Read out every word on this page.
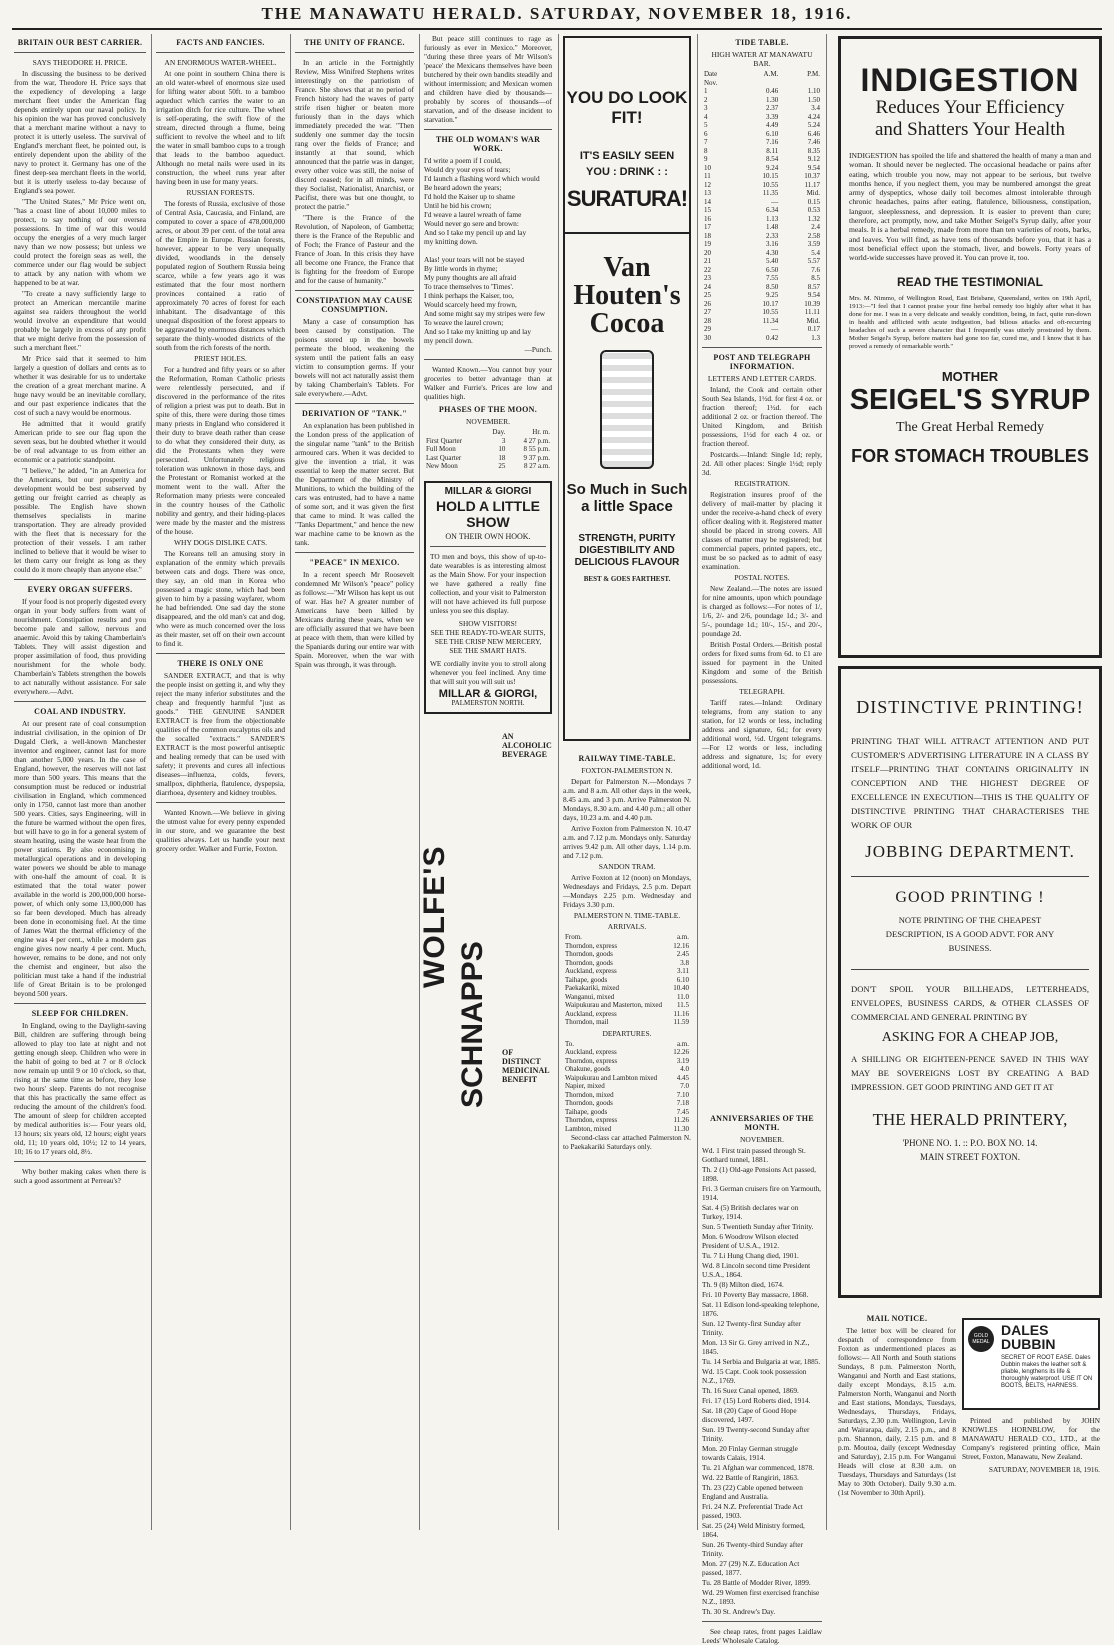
THE MANAWATU HERALD. SATURDAY, NOVEMBER 18, 1916.
BRITAIN OUR BEST CARRIER.
SAYS THEODORE H. PRICE.

In discussing the business to be derived from the war, Theodore H. Price says that the expediency of developing a large merchant fleet under the American flag depends entirely upon our naval policy. In his opinion the war has proved conclusively that a merchant marine without a navy to protect it is utterly useless. The survival of England's merchant fleet, he pointed out, is entirely dependent upon the ability of the navy to protect it. Germany has one of the finest deep-sea merchant fleets in the world, but it is utterly useless to-day because of England's sea power.

"The United States," Mr Price went on, "has a coast line of about 10,000 miles to protect, to say nothing of our oversea possessions. In time of war this would occupy the energies of a very much larger navy than we now possess; but unless we could protect the foreign seas as well, the commerce under our flag would be subject to attack by any nation with whom we happened to be at war.

"To create a navy sufficiently large to protect an American mercantile marine against sea raiders throughout the world would involve an expenditure that would probably be largely in excess of any profit that we might derive from the possession of such a merchant fleet."

Mr Price said that it seemed to him largely a question of dollars and cents as to whether it was desirable for us to undertake the creation of a great merchant marine. A huge navy would be an inevitable corollary, and our past experience indicates that the cost of such a navy would be enormous.

He admitted that it would gratify American pride to see our flag upon the seven seas, but he doubted whether it would be of real advantage to us from either an economic or a patriotic standpoint.

"I believe," he added, "in an America for the Americans, but our prosperity and development would be best subserved by getting our freight carried as cheaply as possible. The English have shown themselves specialists in marine transportation. They are already provided with the fleet that is necessary for the protection of their vessels. I am rather inclined to believe that it would be wiser to let them carry our freight as long as they could do it more cheaply than anyone else."

EVERY ORGAN SUFFERS.

If your food is not properly digested every organ in your body suffers from want of nourishment. Constipation results and you become pale and sallow, nervous and anaemic. Avoid this by taking Chamberlain's Tablets. They will assist digestion and proper assimilation of food, thus providing nourishment for the whole body. Chamberlain's Tablets strengthen the bowels to act naturally without assistance. For sale everywhere.—Advt.

COAL AND INDUSTRY.

At our present rate of coal consumption industrial civilisation, in the opinion of Dr Dugald Clerk, a well-known Manchester inventor and engineer, cannot last for more than another 5,000 years. In the case of England, however, the reserves will not last more than 500 years. This means that the consumption must be reduced or industrial civilisation in England, which commenced only in 1750, cannot last more than another 500 years. Cities, says Engineering, will in the future be warmed without the open fires, but will have to go in for a general system of steam heating, using the waste heat from the power stations. By also economising in metallurgical operations and in developing water powers we should be able to manage with one-half the amount of coal. It is estimated that the total water power available in the world is 200,000,000 horse-power, of which only some 13,000,000 has so far been developed. Much has already been done in economising fuel. At the time of James Watt the thermal efficiency of the engine was 4 per cent., while a modern gas engine gives now nearly 4 per cent. Much, however, remains to be done, and not only the chemist and engineer, but also the politician must take a hand if the industrial life of Great Britain is to be prolonged beyond 500 years.

SLEEP FOR CHILDREN.

In England, owing to the Daylight-saving Bill, children are suffering through being allowed to play too late at night and not getting enough sleep. Children who were in the habit of going to bed at 7 or 8 o'clock now remain up until 9 or 10 o'clock, so that, rising at the same time as before, they lose two hours' sleep. Parents do not recognise that this has practically the same effect as reducing the amount of the children's food. The amount of sleep for children accepted by medical authorities is:— Four years old, 13 hours; six years old, 12 hours; eight years old, 11; 10 years old, 10½; 12 to 14 years, 10; 16 to 17 years old, 8½.

Why bother making cakes when there is such a good assortment at Perreau's?

FACTS AND FANCIES.
AN ENORMOUS WATER-WHEEL.

At one point in southern China there is an old water-wheel of enormous size used for lifting water about 50ft. to a bamboo aqueduct which carries the water to an irrigation ditch for rice culture. The wheel is self-operating, the swift flow of the stream, directed through a flume, being sufficient to revolve the wheel and to lift the water in small bamboo cups to a trough that leads to the bamboo aqueduct. Although no metal nails were used in its construction, the wheel runs year after having been in use for many years.

RUSSIAN FORESTS.

The forests of Russia, exclusive of those of Central Asia, Caucasia, and Finland, are computed to cover a space of 478,000,000 acres, or about 39 per cent. of the total area of the Empire in Europe. Russian forests, however, appear to be very unequally divided, woodlands in the densely populated region of Southern Russia being scarce, while a few years ago it was estimated that the four most northern provinces contained a ratio of approximately 70 acres of forest for each inhabitant. The disadvantage of this unequal disposition of the forest appears to be aggravated by enormous distances which separate the thinly-wooded districts of the south from the rich forests of the north.

PRIEST HOLES.

For a hundred and fifty years or so after the Reformation, Roman Catholic priests were relentlessly persecuted, and if discovered in the performance of the rites of religion a priest was put to death. But in spite of this, there were during those times many priests in England who considered it their duty to brave death rather than cease to do what they considered their duty, as did the Protestants when they were persecuted. Unfortunately religious toleration was unknown in those days, and the Protestant or Romanist worked at the moment went to the wall. After the Reformation many priests were concealed in the country houses of the Catholic nobility and gentry, and their hiding-places were made by the master and the mistress of the house.

WHY DOGS DISLIKE CATS.

The Koreans tell an amusing story in explanation of the enmity which prevails between cats and dogs. There was once, they say, an old man in Korea who possessed a magic stone, which had been given to him by a passing wayfarer, whom he had befriended. One sad day the stone disappeared, and the old man's cat and dog, who were as much concerned over the loss as their master, set off on their own account to find it.

THERE IS ONLY ONE

SANDER EXTRACT, and that is why the people insist on getting it, and why they reject the many inferior substitutes and the cheap and frequently harmful "just as goods." THE GENUINE SANDER EXTRACT is free from the objectionable qualities of the common eucalyptus oils and the socalled "extracts." SANDER'S EXTRACT is the most powerful antiseptic and healing remedy that can be used with safety; it prevents and cures all infectious diseases—influenza, colds, fevers, smallpox, diphtheria, flatulence, dyspepsia, diarrhoea, dysentery and kidney troubles.

Wanted Known.—We believe in giving the utmost value for every penny expended in our store, and we guarantee the best qualities always. Let us handle your next grocery order. Walker and Furrie, Foxton.

THE UNITY OF FRANCE.

In an article in the Fortnightly Review, Miss Winifred Stephens writes interestingly on the patriotism of France. She shows that at no period of French history had the waves of party strife risen higher or beaten more furiously than in the days which immediately preceded the war. "Then suddenly one summer day the tocsin rang over the fields of France; and instantly at that sound, which announced that the patrie was in danger, every other voice was still, the noise of discord ceased; for in all minds, were they Socialist, Nationalist, Anarchist, or Pacifist, there was but one thought, to protect the patrie."

"There is the France of the Revolution, of Napoleon, of Gambetta; there is the France of the Republic and of Foch; the France of Pasteur and the France of Joan. In this crisis they have all become one France, the France that is fighting for the freedom of Europe and for the cause of humanity."

CONSTIPATION MAY CAUSE CONSUMPTION.

Many a case of consumption has been caused by constipation. The poisons stored up in the bowels permeate the blood, weakening the system until the patient falls an easy victim to consumption germs. If your bowels will not act naturally assist them by taking Chamberlain's Tablets. For sale everywhere.—Advt.

DERIVATION OF "TANK."

An explanation has been published in the London press of the application of the singular name "tank" to the British armoured cars. When it was decided to give the invention a trial, it was essential to keep the matter secret. But the Department of the Ministry of Munitions, to which the building of the cars was entrusted, had to have a name of some sort, and it was given the first that came to mind. It was called the "Tanks Department," and hence the new war machine came to be known as the tank.

"PEACE" IN MEXICO.

In a recent speech Mr Roosevelt condemned Mr Wilson's "peace" policy as follows:—"Mr Wilson has kept us out of war. Has he? A greater number of Americans have been killed by Mexicans during these years, when we are officially assured that we have been at peace with them, than were killed by the Spaniards during our entire war with Spain. Moreover, when the war with Spain was through, it was through.

But peace still continues to rage as furiously as ever in Mexico." Moreover, "during these three years of Mr Wilson's 'peace' the Mexicans themselves have been butchered by their own bandits steadily and without intermission; and Mexican women and children have died by thousands—probably by scores of thousands—of starvation, and of the disease incident to starvation."

THE OLD WOMAN'S WAR WORK.
I'd write a poem if I could,
Would dry your eyes of tears;
I'd launch a flashing word which would
Be heard adown the years;
I'd hold the Kaiser up to shame
Until he bid his crown;
I'd weave a laurel wreath of fame
Would never go sere and brown:
And so I take my pencil up and lay
my knitting down.

Alas! your tears will not be stayed
By little words in rhyme;
My puny thoughts are all afraid
To trace themselves to 'Times'.
I think perhaps the Kaiser, too,
Would scarcely heed my frown,
And some might say my stripes were few
To weave the laurel crown;
And so I take my knitting up and lay
my pencil down.
—Punch.

Wanted Known.—You cannot buy your groceries to better advantage than at Walker and Furrie's. Prices are low and qualities high.

PHASES OF THE MOON.
NOVEMBER.
	Day.	Hr. m.
First Quarter	3	4 27 p.m.
Full Moon	10	8 55 p.m.
Last Quarter	18	9 37 p.m.
New Moon	25	8 27 a.m.
MILLAR & GIORGI
HOLD A LITTLE SHOW
ON THEIR OWN HOOK.
TO men and boys, this show of up-to-date wearables is as interesting almost as the Main Show. For your inspection we have gathered a really fine collection, and your visit to Palmerston will not have achieved its full purpose unless you see this display.
SHOW VISITORS!
SEE THE READY-TO-WEAR SUITS, SEE THE CRISP NEW MERCERY, SEE THE SMART HATS.
WE cordially invite you to stroll along whenever you feel inclined. Any time that will suit you will suit us!
MILLAR & GIORGI,
PALMERSTON NORTH.
AN ALCOHOLIC BEVERAGE
WOLFE'S
SCHNAPPS OF DISTINCT MEDICINAL BENEFIT
YOU DO LOOK FIT!
IT'S EASILY SEEN YOU : DRINK : :
SURATURA!
Van Houten's Cocoa
So Much in Such a little Space
STRENGTH, PURITY DIGESTIBILITY AND DELICIOUS FLAVOUR
BEST & GOES FARTHEST.
TIDE TABLE.
HIGH WATER AT MANAWATU BAR.
Date	A.M.	P.M.
Nov.		
1	0.46	1.10
2	1.30	1.50
3	2.37	3.4
4	3.39	4.24
5	4.49	5.24
6	6.10	6.46
7	7.16	7.46
8	8.11	8.35
9	8.54	9.12
10	9.24	9.54
11	10.15	10.37
12	10.55	11.17
13	11.35	Mid.
14	—	0.15
15	6.34	0.53
16	1.13	1.32
17	1.48	2.4
18	2.33	2.58
19	3.16	3.59
20	4.30	5.4
21	5.40	5.57
22	6.50	7.6
23	7.55	8.5
24	8.50	8.57
25	9.25	9.54
26	10.17	10.39
27	10.55	11.11
28	11.34	Mid.
29	—	0.17
30	0.42	1.3
POST AND TELEGRAPH INFORMATION.
LETTERS AND LETTER CARDS.

Inland, the Cook and certain other South Sea Islands, 1½d. for first 4 oz. or fraction thereof; 1½d. for each additional 2 oz. or fraction thereof. The United Kingdom, and British possessions, 1½d for each 4 oz. or fraction thereof.

Postcards.—Inland: Single 1d; reply, 2d. All other places: Single 1½d; reply 3d.

REGISTRATION.

Registration insures proof of the delivery of mail-matter by placing it under the receive-a-hand check of every officer dealing with it. Registered matter should be placed in strong covers. All classes of matter may be registered; but commercial papers, printed papers, etc., must be so packed as to admit of easy examination.

POSTAL NOTES.

New Zealand.—The notes are issued for nine amounts, upon which poundage is charged as follows:—For notes of 1/, 1/6, 2/- and 2/6, poundage 1d.; 3/- and 5/-, poundage 1d.; 10/-, 15/-, and 20/-, poundage 2d.

British Postal Orders.—British postal orders for fixed sums from 6d. to £1 are issued for payment in the United Kingdom and some of the British possessions.

TELEGRAPH.

Tariff rates.—Inland: Ordinary telegrams, from any station to any station, for 12 words or less, including address and signature, 6d.; for every additional word, ½d. Urgent telegrams.—For 12 words or less, including address and signature, 1s; for every additional word, 1d.

RAILWAY TIME-TABLE.
FOXTON-PALMERSTON N.

Depart for Palmerston N.—Mondays 7 a.m. and 8 a.m. All other days in the week, 8.45 a.m. and 3 p.m. Arrive Palmerston N. Mondays, 8.30 a.m. and 4.40 p.m.; all other days, 10.23 a.m. and 4.40 p.m.

Arrive Foxton from Palmerston N. 10.47 a.m. and 7.12 p.m. Mondays only. Saturday arrives 9.42 p.m. All other days, 1.14 p.m. and 7.12 p.m.

SANDON TRAM.

Arrive Foxton at 12 (noon) on Mondays, Wednesdays and Fridays, 2.5 p.m. Depart—Mondays 2.25 p.m. Wednesday and Fridays 3.30 p.m.

PALMERSTON N. TIME-TABLE.
ARRIVALS.
From.	a.m.
Thorndon, express	12.16
Thorndon, goods	2.45
Thorndon, goods	3.8
Auckland, express	3.11
Taihape, goods	6.10
Paekakariki, mixed	10.40
Wanganui, mixed	11.0
Waipukurau and Masterton, mixed	11.5
Auckland, express	11.16
Thorndon, mail	11.59
DEPARTURES.
To.	a.m.
Auckland, express	12.26
Thorndon, express	3.19
Ohakune, goods	4.0
Waipukurau and Lambton mixed	4.45
Napier, mixed	7.0
Thorndon, mixed	7.10
Thorndon, goods	7.18
Taihape, goods	7.45
Thorndon, express	11.26
Lambton, mixed	11.30

Second-class car attached Palmerston N. to Paekakariki Saturdays only.

ANNIVERSARIES OF THE MONTH.
NOVEMBER.
Wd. 1 First train passed through St. Gotthard tunnel, 1881.
Th. 2 (1) Old-age Pensions Act passed, 1898.
Fri. 3 German cruisers fire on Yarmouth, 1914.
Sat. 4 (5) British declares war on Turkey, 1914.
Sun. 5 Twentieth Sunday after Trinity.
Mon. 6 Woodrow Wilson elected President of U.S.A., 1912.
Tu. 7 Li Hung Chang died, 1901.
Wd. 8 Lincoln second time President U.S.A., 1864.
Th. 9 (8) Milton died, 1674.
Fri. 10 Poverty Bay massacre, 1868.
Sat. 11 Edison lond-speaking telephone, 1876.
Sun. 12 Twenty-first Sunday after Trinity.
Mon. 13 Sir G. Grey arrived in N.Z., 1845.
Tu. 14 Serbia and Bulgaria at war, 1885.
Wd. 15 Capt. Cook took possession N.Z., 1769.
Th. 16 Suez Canal opened, 1869.
Fri. 17 (15) Lord Roberts died, 1914.
Sat. 18 (20) Cape of Good Hope discovered, 1497.
Sun. 19 Twenty-second Sunday after Trinity.
Mon. 20 Finlay German struggle towards Calais, 1914.
Tu. 21 Afghan war commenced, 1878.
Wd. 22 Battle of Rangiriri, 1863.
Th. 23 (22) Cable opened between England and Australia.
Fri. 24 N.Z. Preferential Trade Act passed, 1903.
Sat. 25 (24) Weld Ministry formed, 1864.
Sun. 26 Twenty-third Sunday after Trinity.
Mon. 27 (29) N.Z. Education Act passed, 1877.
Tu. 28 Battle of Modder River, 1899.
Wd. 29 Women first exercised franchise N.Z., 1893.
Th. 30 St. Andrew's Day.

See cheap rates, front pages Laidlaw Leeds' Wholesale Catalog.

INDIGESTION
Reduces Your Efficiency
and Shatters Your Health
INDIGESTION has spoiled the life and shattered the health of many a man and woman. It should never be neglected. The occasional headache or pains after eating, which trouble you now, may not appear to be serious, but twelve months hence, if you neglect them, you may be numbered amongst the great army of dyspeptics, whose daily toil becomes almost intolerable through chronic headaches, pains after eating, flatulence, biliousness, constipation, languor, sleeplessness, and depression. It is easier to prevent than cure; therefore, act promptly, now, and take Mother Seigel's Syrup daily, after your meals. It is a herbal remedy, made from more than ten varieties of roots, barks, and leaves. You will find, as have tens of thousands before you, that it has a most beneficial effect upon the stomach, liver, and bowels. Forty years of world-wide successes have proved it. You can prove it, too.
READ THE TESTIMONIAL
Mrs. M. Nimmo, of Wellington Road, East Brisbane, Queensland, writes on 19th April, 1913:—"I feel that I cannot praise your fine herbal remedy too highly after what it has done for me. I was in a very delicate and weakly condition, being, in fact, quite run-down in health and afflicted with acute indigestion, bad bilious attacks and oft-recurring headaches of such a severe character that I frequently was utterly prostrated by them. Mother Seigel's Syrup, before matters had gone too far, cured me, and I know that it has proved a remedy of remarkable worth."
MOTHER
SEIGEL'S SYRUP
The Great Herbal Remedy
FOR STOMACH TROUBLES
DISTINCTIVE PRINTING!
PRINTING THAT WILL ATTRACT ATTENTION AND PUT CUSTOMER'S ADVERTISING LITERATURE IN A CLASS BY ITSELF—PRINTING THAT CONTAINS ORIGINALITY IN CONCEPTION AND THE HIGHEST DEGREE OF EXCELLENCE IN EXECUTION—THIS IS THE QUALITY OF DISTINCTIVE PRINTING THAT CHARACTERISES THE WORK OF OUR
JOBBING DEPARTMENT.
GOOD PRINTING !
NOTE PRINTING OF THE CHEAPEST DESCRIPTION, IS A GOOD ADVT. FOR ANY BUSINESS.
DON'T SPOIL YOUR BILLHEADS, LETTERHEADS, ENVELOPES, BUSINESS CARDS, & OTHER CLASSES OF COMMERCIAL AND GENERAL PRINTING BY
ASKING FOR A CHEAP JOB,
A SHILLING OR EIGHTEEN-PENCE SAVED IN THIS WAY MAY BE SOVEREIGNS LOST BY CREATING A BAD IMPRESSION. GET GOOD PRINTING AND GET IT AT
THE HERALD PRINTERY,
'PHONE NO. 1. :: P.O. BOX NO. 14.
MAIN STREET FOXTON.
MAIL NOTICE.

The letter box will be cleared for despatch of correspondence from Foxton as undermentioned places as follows:— All North and South stations Sundays, 8 p.m. Palmerston North, Wanganui and North and East stations, daily except Mondays, 8.15 a.m. Palmerston North, Wanganui and North and East stations, Mondays, Tuesdays, Wednesdays, Thursdays, Fridays, Saturdays, 2.30 p.m. Wellington, Levin and Wairarapa, daily, 2.15 p.m., and 8 p.m. Shannon, daily, 2.15 p.m. and 8 p.m. Moutoa, daily (except Wednesday and Saturday), 2.15 p.m. For Wanganui Heads will close at 8.30 a.m. on Tuesdays, Thursdays and Saturdays (1st May to 30th October). Daily 9.30 a.m. (1st November to 30th April).

GOLD MEDAL
DALES DUBBIN
SECRET OF ROOT EASE. Dales Dubbin makes the leather soft & pliable, lengthens its life & thoroughly waterproof. USE IT ON BOOTS, BELTS, HARNESS.

Printed and published by JOHN KNOWLES HORNBLOW, for the MANAWATU HERALD CO., LTD., at the Company's registered printing office, Main Street, Foxton, Manawatu, New Zealand.

SATURDAY, NOVEMBER 18, 1916.
